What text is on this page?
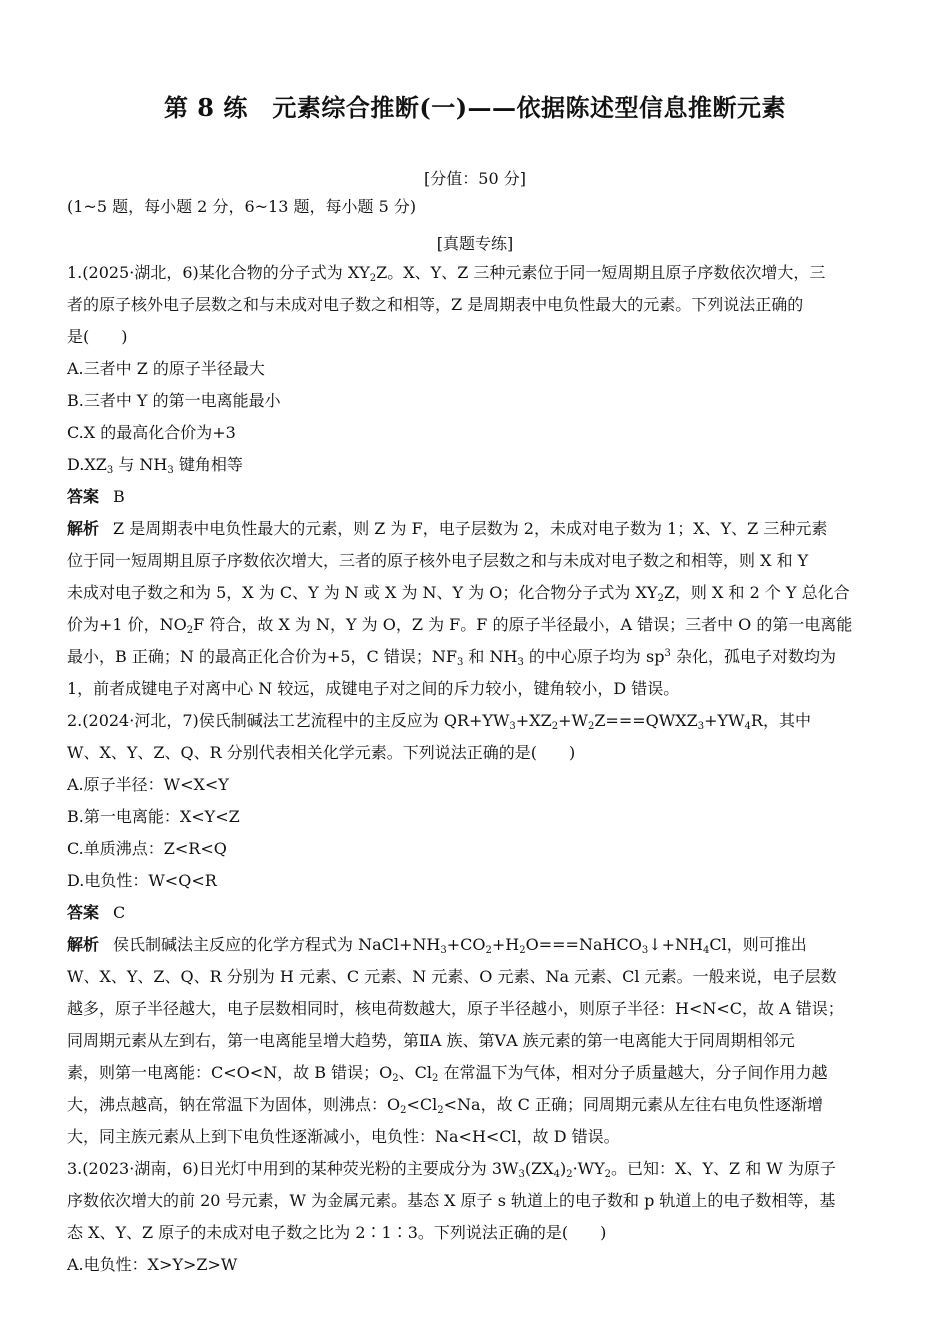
第 8 练　元素综合推断(一)——依据陈述型信息推断元素
[分值：50 分]
(1~5 题，每小题 2 分，6~13 题，每小题 5 分)
[真题专练]
1.(2025·湖北，6)某化合物的分子式为 $XY_2Z$。X、Y、Z 三种元素位于同一短周期且原子序数依次增大，三
者的原子核外电子层数之和与未成对电子数之和相等，Z 是周期表中电负性最大的元素。下列说法正确的
是(　　)
A.三者中 Z 的原子半径最大
B.三者中 Y 的第一电离能最小
C.X 的最高化合价为+3
$D.XZ_3$ 与 $NH_3$ 键角相等
答案 B
解析 Z 是周期表中电负性最大的元素，则 Z 为 F，电子层数为 2，未成对电子数为 1；X、Y、Z 三种元素
位于同一短周期且原子序数依次增大，三者的原子核外电子层数之和与未成对电子数之和相等，则 X 和 Y
未成对电子数之和为 5，X 为 C、Y 为 N 或 X 为 N、Y 为 O；化合物分子式为 $XY_2Z$，则 X 和 2 个 Y 总化合
价为+1 价，$NO_2F$ 符合，故 X 为 N，Y 为 O，Z 为 F。F 的原子半径最小，A 错误；三者中 O 的第一电离能
最小，B 正确；N 的最高正化合价为+5，C 错误；$NF_3$ 和 $NH_3$ 的中心原子均为 $sp^3$ 杂化，孤电子对数均为
1，前者成键电子对离中心 N 较远，成键电子对之间的斥力较小，键角较小，D 错误。
2.(2024·河北，7)侯氏制碱法工艺流程中的主反应为 $QR+YW_3+XZ_2+W_2Z===QWXZ_3+YW_4R$，其中
W、X、Y、Z、Q、R 分别代表相关化学元素。下列说法正确的是(　　)
A.原子半径：W<X<Y
B.第一电离能：X<Y<Z
C.单质沸点：Z<R<Q
D.电负性：W<Q<R
答案 C
解析 侯氏制碱法主反应的化学方程式为 $NaCl+NH_3+CO_2+H_2O===NaHCO_3↓+NH_4Cl$，则可推出
W、X、Y、Z、Q、R 分别为 H 元素、C 元素、N 元素、O 元素、Na 元素、Cl 元素。一般来说，电子层数
越多，原子半径越大，电子层数相同时，核电荷数越大，原子半径越小，则原子半径：H<N<C，故 A 错误；
同周期元素从左到右，第一电离能呈增大趋势，第ⅡA 族、第ⅤA 族元素的第一电离能大于同周期相邻元
素，则第一电离能：C<O<N，故 B 错误；$O_2$、$Cl_2$ 在常温下为气体，相对分子质量越大，分子间作用力越
大，沸点越高，钠在常温下为固体，则沸点：$O_2<Cl_2<Na$，故 C 正确；同周期元素从左往右电负性逐渐增
大，同主族元素从上到下电负性逐渐减小，电负性：Na<H<Cl，故 D 错误。
3.(2023·湖南，6)日光灯中用到的某种荧光粉的主要成分为 $3W_3(ZX_4)_2\cdot WY_2$。已知：X、Y、Z 和 W 为原子
序数依次增大的前 20 号元素，W 为金属元素。基态 X 原子 s 轨道上的电子数和 p 轨道上的电子数相等，基
态 X、Y、Z 原子的未成对电子数之比为 2∶1∶3。下列说法正确的是(　　)
A.电负性：X>Y>Z>W
